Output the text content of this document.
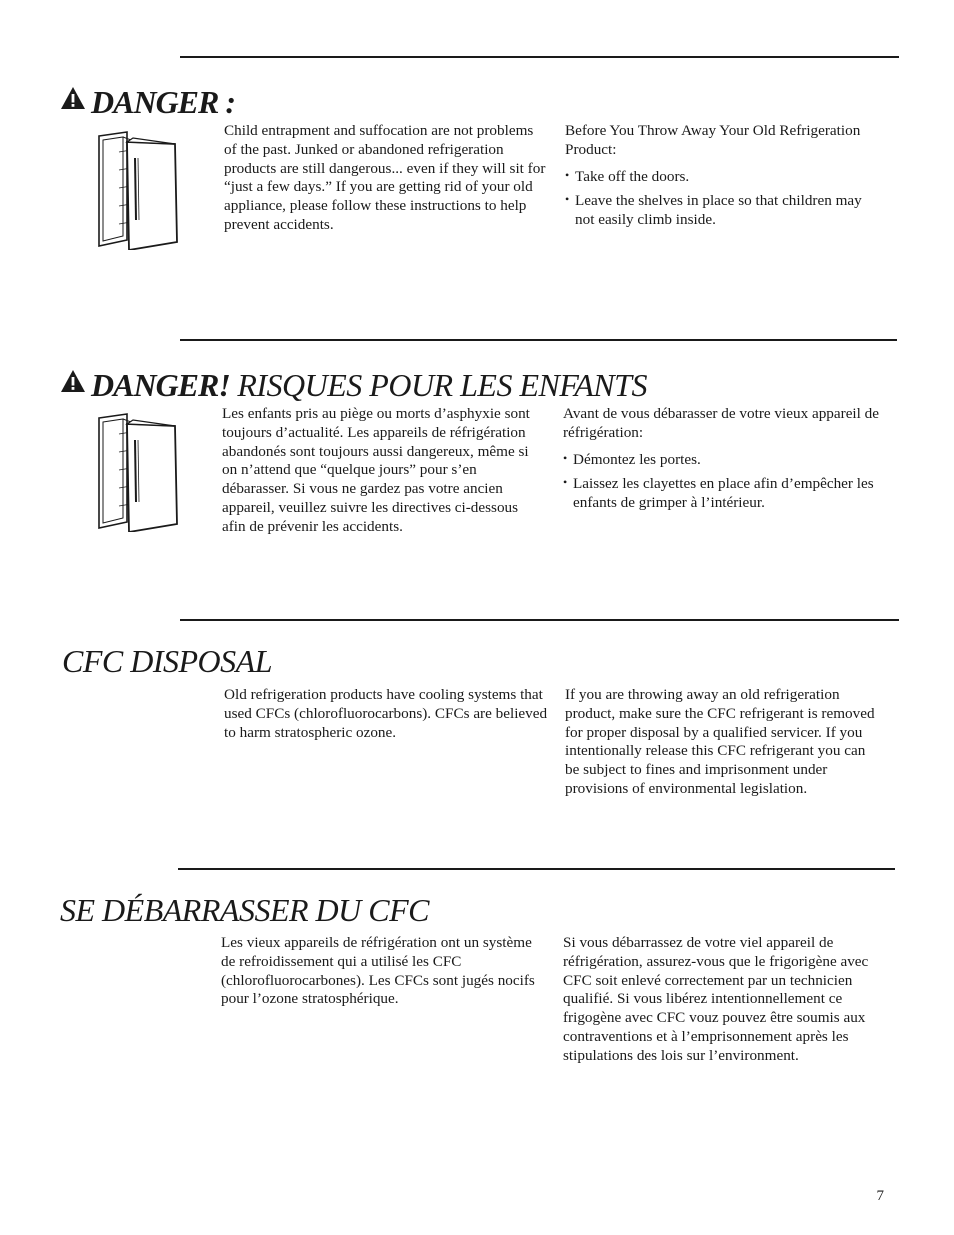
DANGER :

Child entrapment and suffocation are not problems of the past. Junked or abandoned refrigeration products are still dangerous... even if they will sit for “just a few days.” If you are getting rid of your old appliance, please follow these instructions to help prevent accidents.

Before You Throw Away Your Old Refrigeration Product:

• Take off the doors.
• Leave the shelves in place so that children may not easily climb inside.
DANGER! RISQUES POUR LES ENFANTS

Les enfants pris au piège ou morts d’asphyxie sont toujours d’actualité. Les appareils de réfrigération abandonés sont toujours aussi dangereux, même si on n’attend que “quelque jours” pour s’en débarasser. Si vous ne gardez pas votre ancien appareil, veuillez suivre les directives ci-dessous afin de prévenir les accidents.

Avant de vous débarasser de votre vieux appareil de réfrigération:

• Démontez les portes.
• Laissez les clayettes en place afin d’empêcher les enfants de grimper à l’intérieur.
CFC DISPOSAL

Old refrigeration products have cooling systems that used CFCs (chlorofluorocarbons). CFCs are believed to harm stratospheric ozone.

If you are throwing away an old refrigeration product, make sure the CFC refrigerant is removed for proper disposal by a qualified servicer. If you intentionally release this CFC refrigerant you can be subject to fines and imprisonment under provisions of environmental legislation.

SE DÉBARRASSER DU CFC

Les vieux appareils de réfrigération ont un système de refroidissement qui a utilisé les CFC (chlorofluorocarbones). Les CFCs sont jugés nocifs pour l’ozone stratosphérique.

Si vous débarrassez de votre viel appareil de réfrigération, assurez-vous que le frigorigène avec CFC soit enlevé correctement par un technicien qualifié. Si vous libérez intentionnellement ce frigogène avec CFC vouz pouvez être soumis aux contraventions et à l’emprisonnement après les stipulations des lois sur l’environment.

7
